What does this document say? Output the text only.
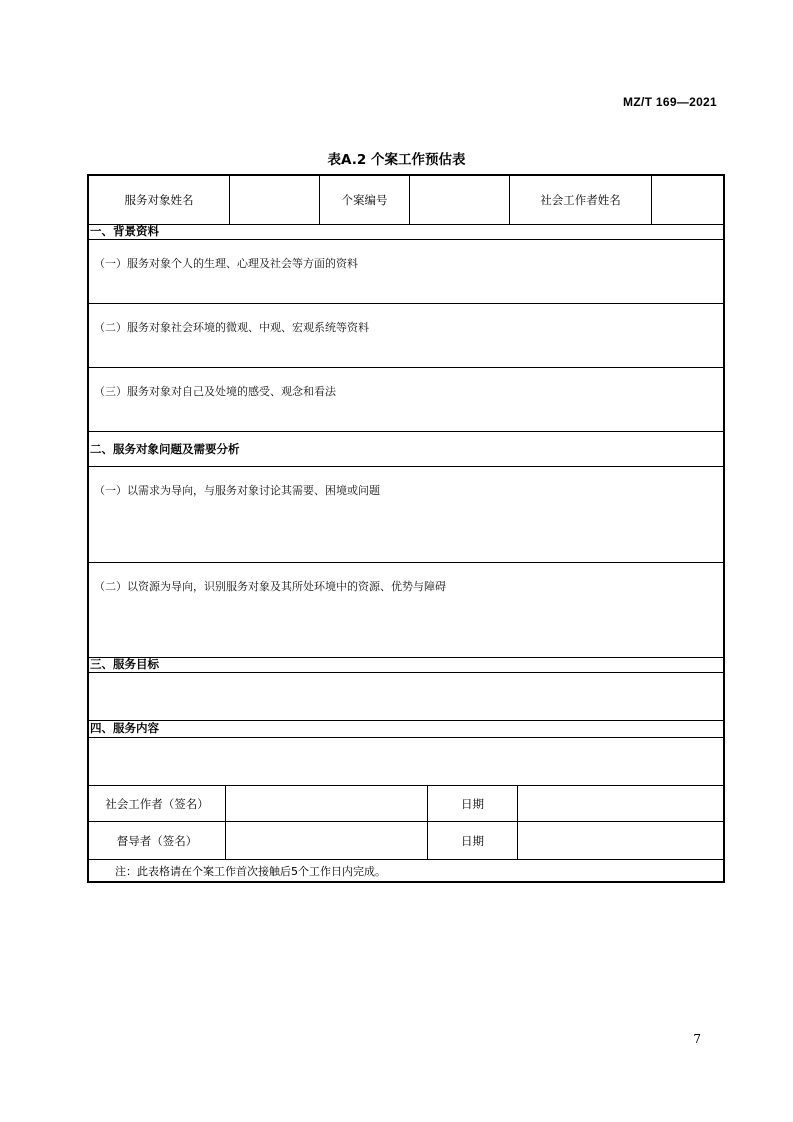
MZ/T 169—2021
表A.2 个案工作预估表
服务对象姓名	个案编号	社会工作者姓名
一、背景资料
（一）服务对象个人的生理、心理及社会等方面的资料
（二）服务对象社会环境的微观、中观、宏观系统等资料
（三）服务对象对自己及处境的感受、观念和看法
二、服务对象问题及需要分析
（一）以需求为导向，与服务对象讨论其需要、困境或问题
（二）以资源为导向，识别服务对象及其所处环境中的资源、优势与障碍
三、服务目标
四、服务内容
社会工作者（签名）	日期
督导者（签名）	日期
注：此表格请在个案工作首次接触后5个工作日内完成。
7
